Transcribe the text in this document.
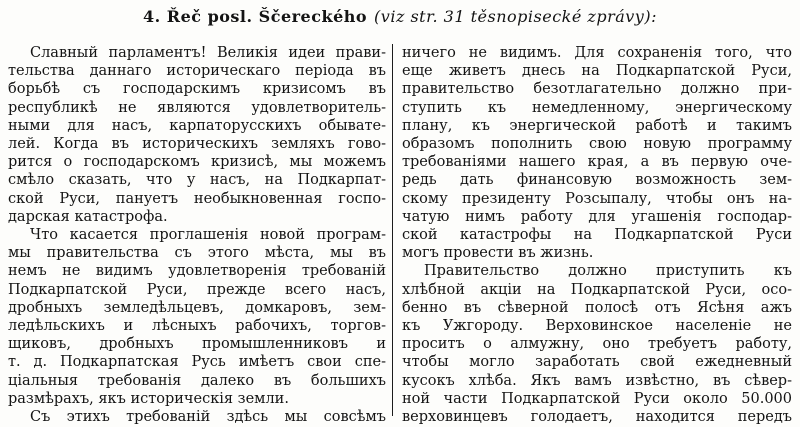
4. Řeč posl. Ščereckého (viz str. 31 těsnopisecké zprávy):
Славный парламентъ! Великія идеи прави-
тельства даннаго историческаго періода въ
борьбѣ съ господарскимъ кризисомъ въ
республикѣ не являются удовлетворитель-
ными для насъ, карпаторусскихъ обывате-
лей. Когда въ историческихъ земляхъ гово-
рится о господарскомъ кризисѣ, мы можемъ
смѣло сказать, что у насъ, на Подкарпат-
ской Руси, пануетъ необыкновенная госпо-
дарская катастрофа.
Что касается проглашенія новой програм-
мы правительства съ этого мѣста, мы въ
немъ не видимъ удовлетворенія требованій
Подкарпатской Руси, прежде всего насъ,
дробныхъ земледѣльцевъ, домкаровъ, зем-
ледѣльскихъ и лѣсныхъ рабочихъ, торгов-
щиковъ, дробныхъ промышленниковъ и
т. д. Подкарпатская Русь имѣетъ свои спе-
ціальныя требованія далеко въ большихъ
размѣрахъ, якъ историческія земли.
Съ этихъ требованій здѣсь мы совсѣмъ
ничего не видимъ. Для сохраненія того, что
еще живетъ днесь на Подкарпатской Руси,
правительство безотлагательно должно при-
ступить къ немедленному, энергическому
плану, къ энергической работѣ и такимъ
образомъ пополнить свою новую программу
требованіями нашего края, а въ первую оче-
редь дать финансовую возможность зем-
скому президенту Розсыпалу, чтобы онъ на-
чатую нимъ работу для угашенія господар-
ской катастрофы на Подкарпатской Руси
могъ провести въ жизнь.
Правительство должно приступить къ
хлѣбной акціи на Подкарпатской Руси, осо-
бенно въ сѣверной полосѣ отъ Ясѣня ажъ
къ Ужгороду. Верховинское населеніе не
проситъ о алмужну, оно требуетъ работу,
чтобы могло заработать свой ежедневный
кусокъ хлѣба. Якъ вамъ извѣстно, въ сѣвер-
ной части Подкарпатской Руси около 50.000
верховинцевъ голодаетъ, находится передъ
